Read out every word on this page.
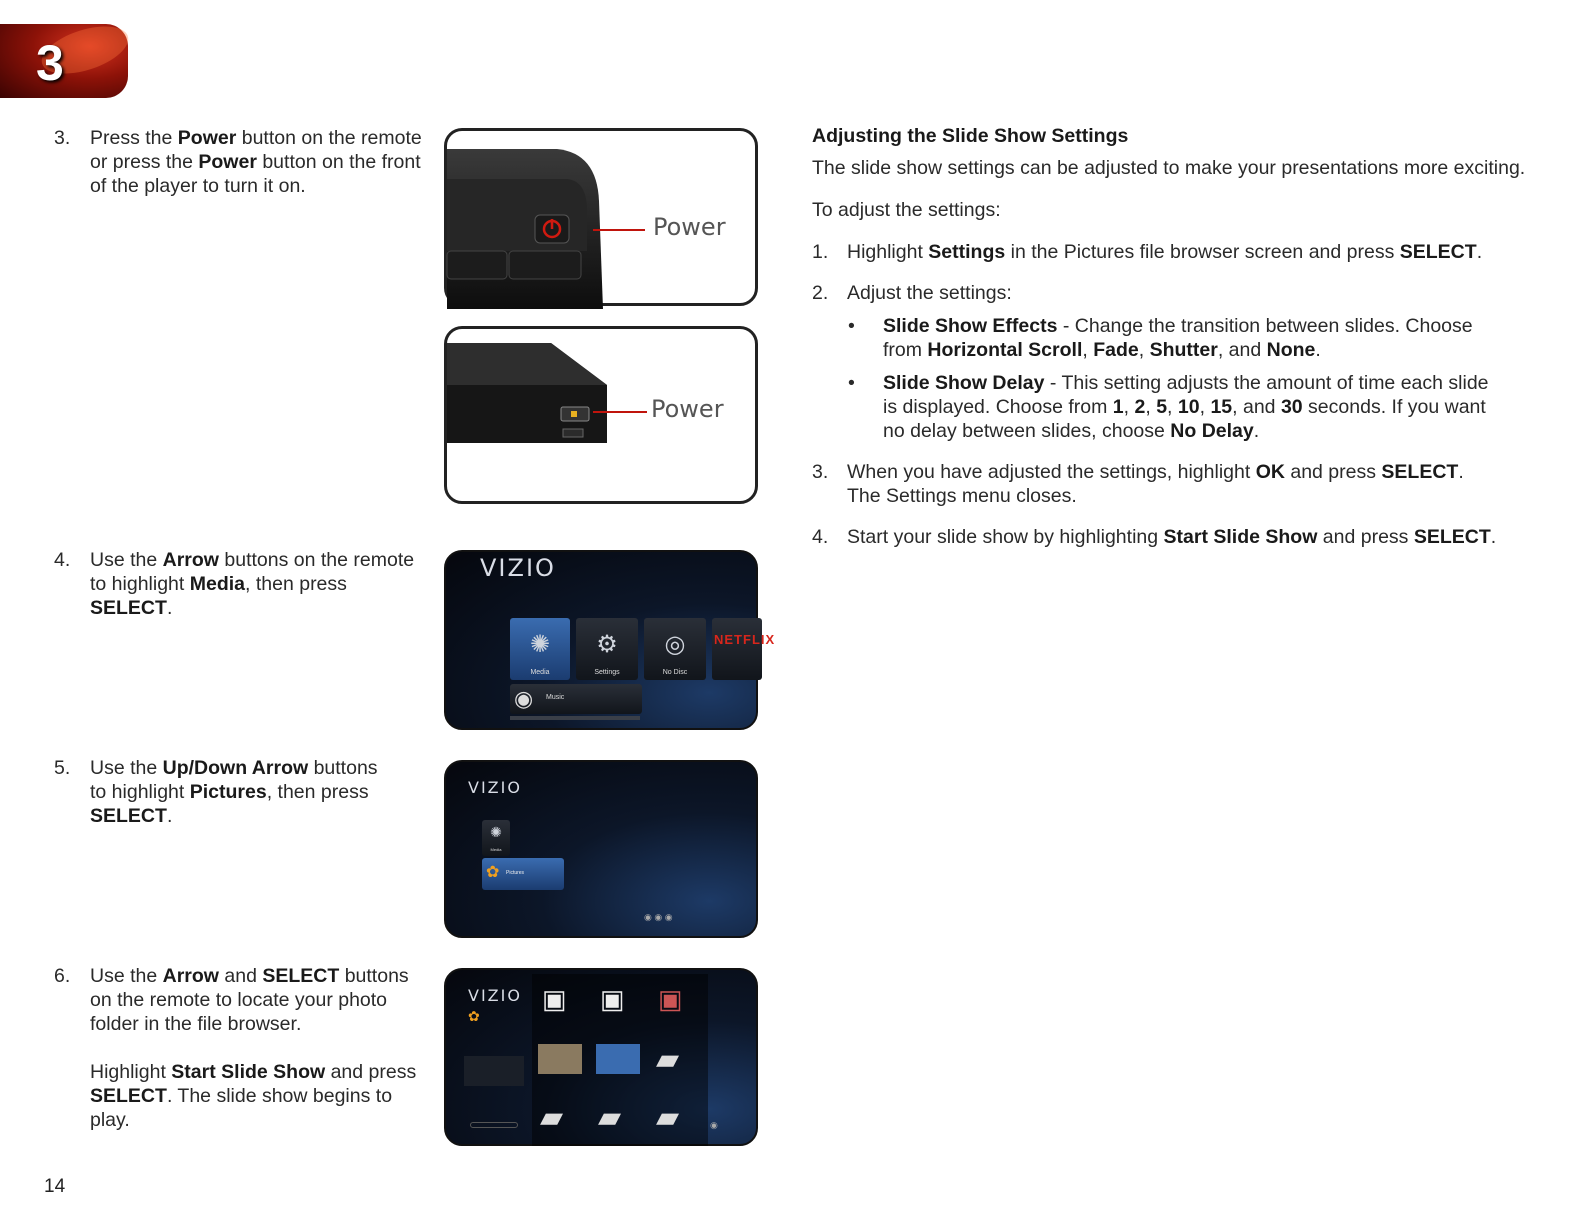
3
3. Press the Power button on the remote
or press the Power button on the front
of the player to turn it on.
4. Use the Arrow buttons on the remote
to highlight Media, then press
SELECT.
5. Use the Up/Down Arrow buttons
to highlight Pictures, then press
SELECT.
6. Use the Arrow and SELECT buttons
on the remote to locate your photo
folder in the file browser.
Highlight Start Slide Show and press
SELECT. The slide show begins to
play.
Power
Power
VIZIO
✺
Media
⚙
Settings
◎
No Disc
NETFLIX
◉ Music
VIZIO
✺
Media
✿ Pictures
◉ ◉ ◉
VIZIO
✿
▣ ▣ ▣
▰
▰ ▰ ▰	◉
Adjusting the Slide Show Settings
The slide show settings can be adjusted to make your presentations more exciting.
To adjust the settings:
1. Highlight Settings in the Pictures file browser screen and press SELECT.
2. Adjust the settings:
• Slide Show Effects - Change the transition between slides. Choose
from Horizontal Scroll, Fade, Shutter, and None.
• Slide Show Delay - This setting adjusts the amount of time each slide
is displayed. Choose from 1, 2, 5, 10, 15, and 30 seconds. If you want
no delay between slides, choose No Delay.
3. When you have adjusted the settings, highlight OK and press SELECT.
The Settings menu closes.
4. Start your slide show by highlighting Start Slide Show and press SELECT.
14
